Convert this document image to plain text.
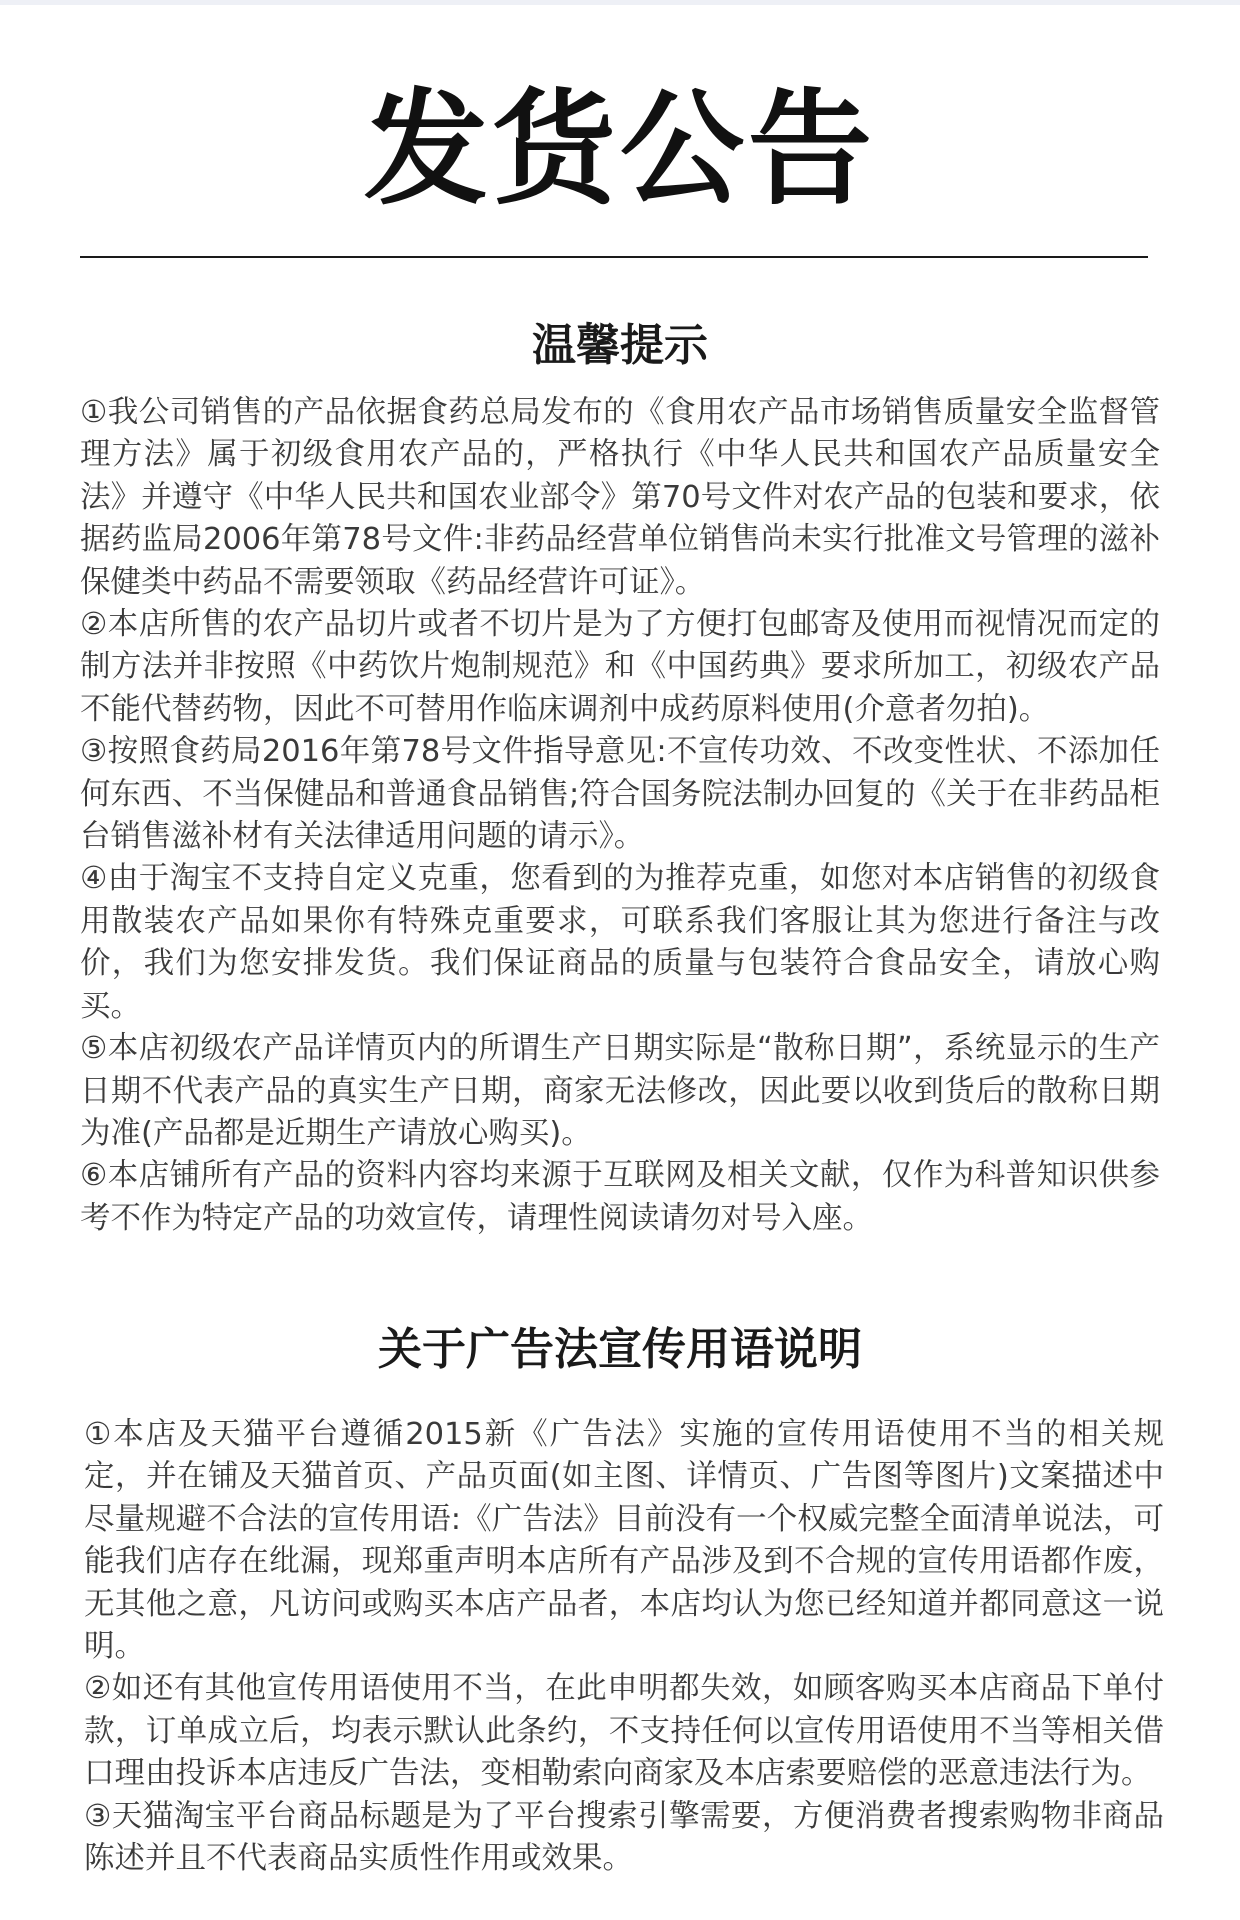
发货公告
温馨提示

①我公司销售的产品依据食药总局发布的《食用农产品市场销售质量安全监督管理方法》属于初级食用农产品的，严格执行《中华人民共和国农产品质量安全法》并遵守《中华人民共和国农业部令》第70号文件对农产品的包装和要求，依据药监局2006年第78号文件:非药品经营单位销售尚未实行批准文号管理的滋补保健类中药品不需要领取《药品经营许可证》。

②本店所售的农产品切片或者不切片是为了方便打包邮寄及使用而视情况而定的制方法并非按照《中药饮片炮制规范》和《中国药典》要求所加工，初级农产品不能代替药物，因此不可替用作临床调剂中成药原料使用(介意者勿拍)。

③按照食药局2016年第78号文件指导意见:不宣传功效、不改变性状、不添加任何东西、不当保健品和普通食品销售;符合国务院法制办回复的《关于在非药品柜台销售滋补材有关法律适用问题的请示》。

④由于淘宝不支持自定义克重，您看到的为推荐克重，如您对本店销售的初级食用散装农产品如果你有特殊克重要求，可联系我们客服让其为您进行备注与改价，我们为您安排发货。我们保证商品的质量与包装符合食品安全，请放心购买。

⑤本店初级农产品详情页内的所谓生产日期实际是“散称日期”，系统显示的生产日期不代表产品的真实生产日期，商家无法修改，因此要以收到货后的散称日期为准(产品都是近期生产请放心购买)。

⑥本店铺所有产品的资料内容均来源于互联网及相关文献，仅作为科普知识供参考不作为特定产品的功效宣传，请理性阅读请勿对号入座。

关于广告法宣传用语说明

①本店及天猫平台遵循2015新《广告法》实施的宣传用语使用不当的相关规定，并在铺及天猫首页、产品页面(如主图、详情页、广告图等图片)文案描述中尽量规避不合法的宣传用语:《广告法》目前没有一个权威完整全面清单说法，可能我们店存在纰漏，现郑重声明本店所有产品涉及到不合规的宣传用语都作废，无其他之意，凡访问或购买本店产品者，本店均认为您已经知道并都同意这一说明。

②如还有其他宣传用语使用不当，在此申明都失效，如顾客购买本店商品下单付款，订单成立后，均表示默认此条约，不支持任何以宣传用语使用不当等相关借口理由投诉本店违反广告法，变相勒索向商家及本店索要赔偿的恶意违法行为。

③天猫淘宝平台商品标题是为了平台搜索引擎需要，方便消费者搜索购物非商品陈述并且不代表商品实质性作用或效果。
